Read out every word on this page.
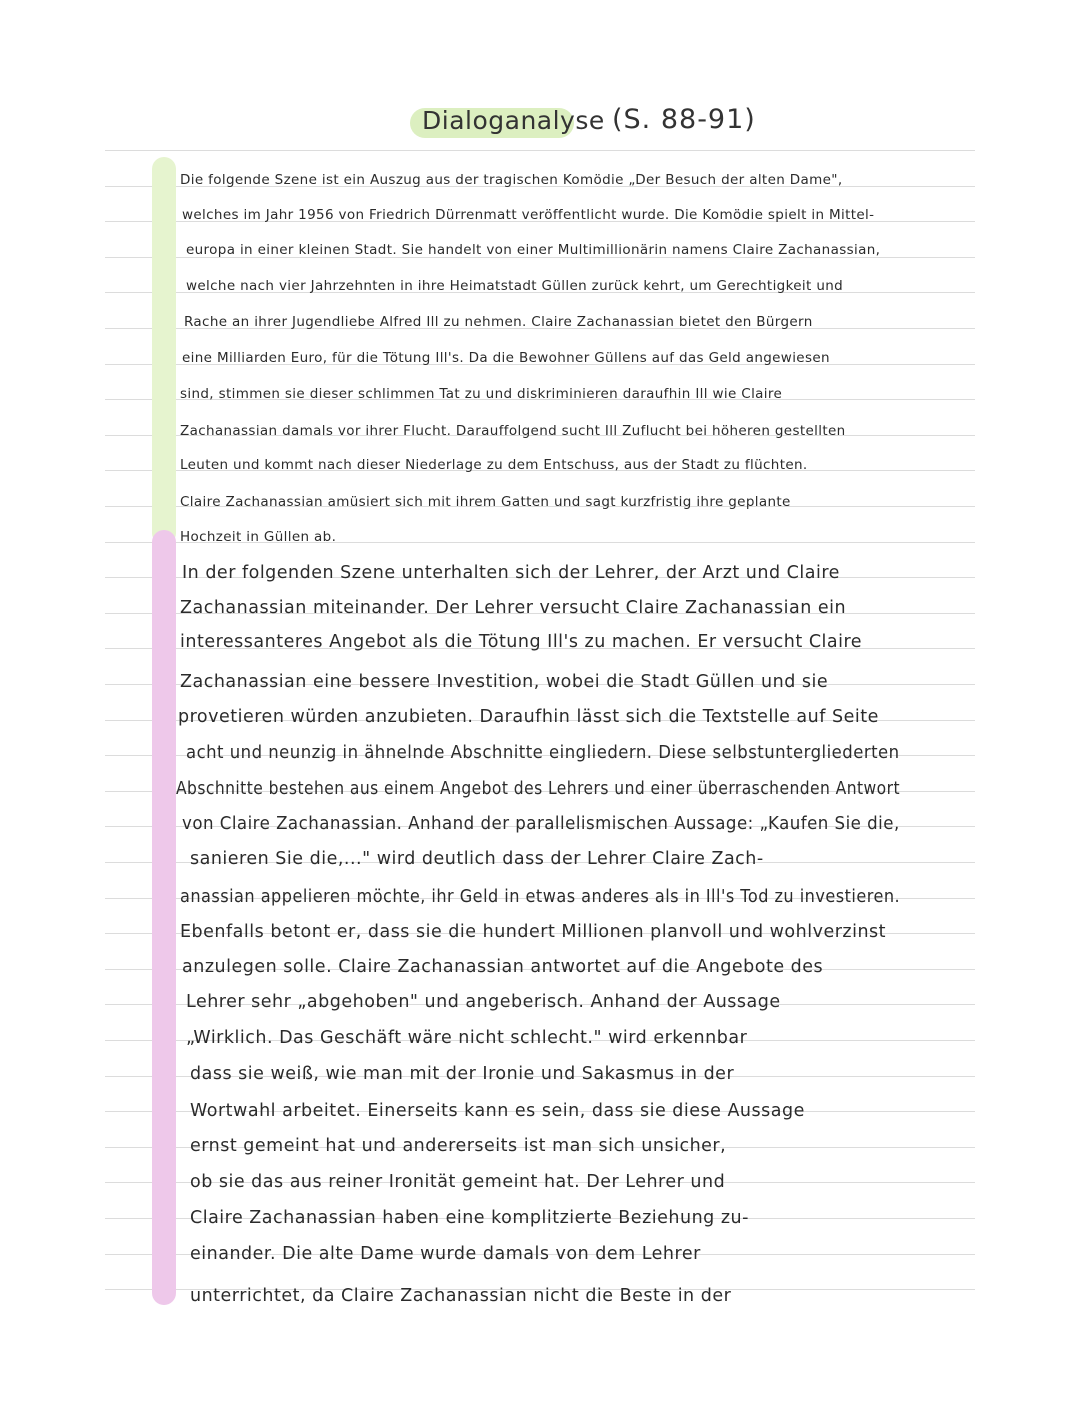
Dialoganalyse (S. 88-91)
Die folgende Szene ist ein Auszug aus der tragischen Komödie „Der Besuch der alten Dame",
welches im Jahr 1956 von Friedrich Dürrenmatt veröffentlicht wurde. Die Komödie spielt in Mittel-
europa in einer kleinen Stadt. Sie handelt von einer Multimillionärin namens Claire Zachanassian,
welche nach vier Jahrzehnten in ihre Heimatstadt Güllen zurück kehrt, um Gerechtigkeit und
Rache an ihrer Jugendliebe Alfred Ill zu nehmen. Claire Zachanassian bietet den Bürgern
eine Milliarden Euro, für die Tötung Ill's. Da die Bewohner Güllens auf das Geld angewiesen
sind, stimmen sie dieser schlimmen Tat zu und diskriminieren daraufhin Ill wie Claire
Zachanassian damals vor ihrer Flucht. Darauffolgend sucht Ill Zuflucht bei höheren gestellten
Leuten und kommt nach dieser Niederlage zu dem Entschuss, aus der Stadt zu flüchten.
Claire Zachanassian amüsiert sich mit ihrem Gatten und sagt kurzfristig ihre geplante
Hochzeit in Güllen ab.
In der folgenden Szene unterhalten sich der Lehrer, der Arzt und Claire
Zachanassian miteinander. Der Lehrer versucht Claire Zachanassian ein
interessanteres Angebot als die Tötung Ill's zu machen. Er versucht Claire
Zachanassian eine bessere Investition, wobei die Stadt Güllen und sie
provetieren würden anzubieten. Daraufhin lässt sich die Textstelle auf Seite
acht und neunzig in ähnelnde Abschnitte eingliedern. Diese selbstuntergliederten
Abschnitte bestehen aus einem Angebot des Lehrers und einer überraschenden Antwort
von Claire Zachanassian. Anhand der parallelismischen Aussage: „Kaufen Sie die,
sanieren Sie die,..." wird deutlich dass der Lehrer Claire Zach-
anassian appelieren möchte, ihr Geld in etwas anderes als in Ill's Tod zu investieren.
Ebenfalls betont er, dass sie die hundert Millionen planvoll und wohlverzinst
anzulegen solle. Claire Zachanassian antwortet auf die Angebote des
Lehrer sehr „abgehoben" und angeberisch. Anhand der Aussage
„Wirklich. Das Geschäft wäre nicht schlecht." wird erkennbar
dass sie weiß, wie man mit der Ironie und Sakasmus in der
Wortwahl arbeitet. Einerseits kann es sein, dass sie diese Aussage
ernst gemeint hat und andererseits ist man sich unsicher,
ob sie das aus reiner Ironität gemeint hat. Der Lehrer und
Claire Zachanassian haben eine komplitzierte Beziehung zu-
einander. Die alte Dame wurde damals von dem Lehrer
unterrichtet, da Claire Zachanassian nicht die Beste in der
